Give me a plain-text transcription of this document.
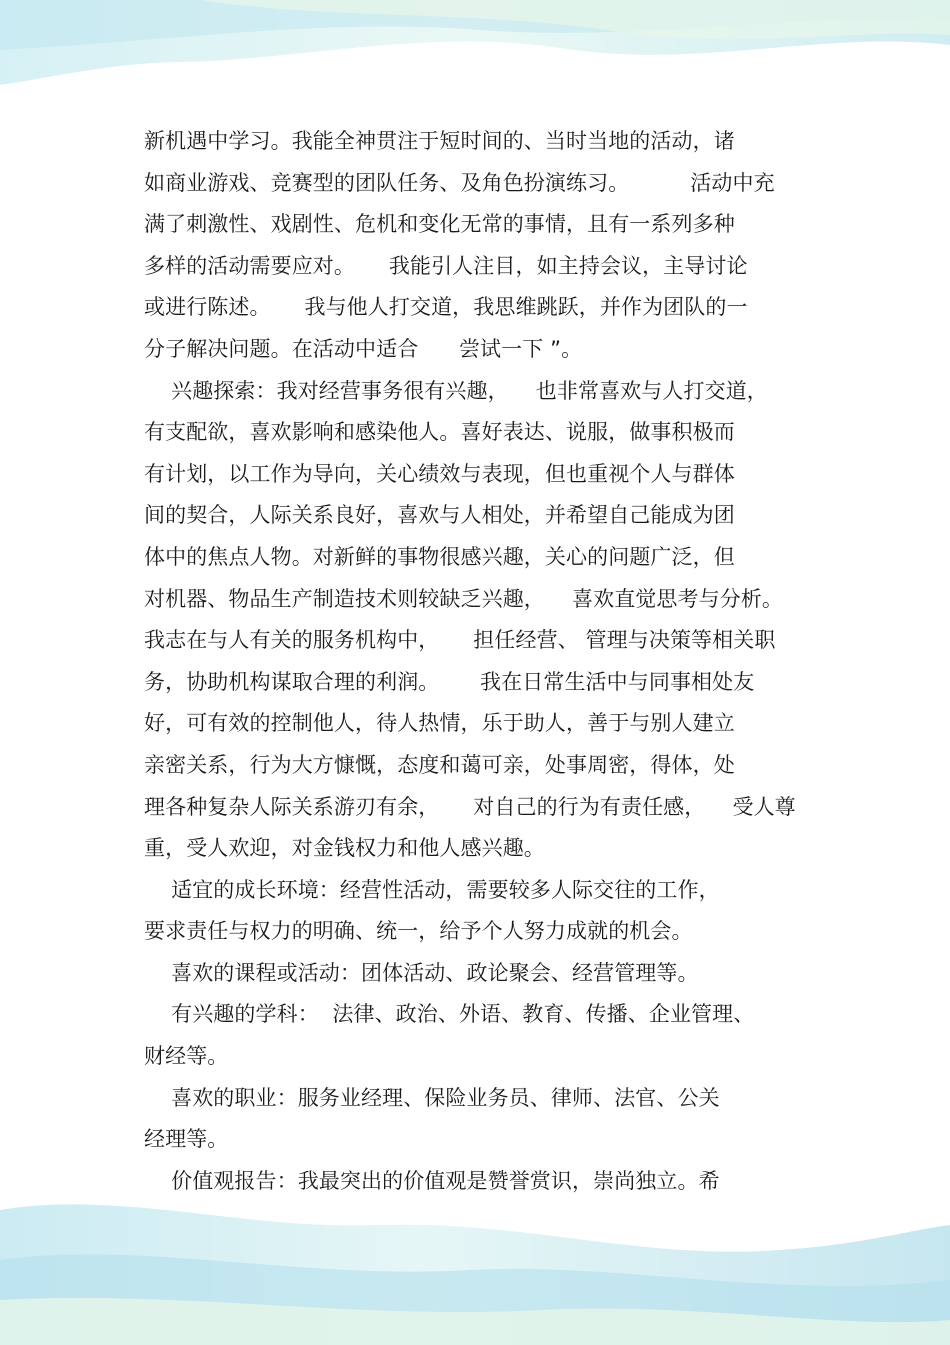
新机遇中学习。我能全神贯注于短时间的、当时当地的活动，诸
如商业游戏、竞赛型的团队任务、及角色扮演练习。         活动中充
满了刺激性、戏剧性、危机和变化无常的事情，且有一系列多种
多样的活动需要应对。     我能引人注目，如主持会议，主导讨论
或进行陈述。     我与他人打交道，我思维跳跃，并作为团队的一
分子解决问题。在活动中适合      尝试一下 ”。
兴趣探索：我对经营事务很有兴趣，    也非常喜欢与人打交道，
有支配欲，喜欢影响和感染他人。喜好表达、说服，做事积极而
有计划，以工作为导向，关心绩效与表现，但也重视个人与群体
间的契合，人际关系良好，喜欢与人相处，并希望自己能成为团
体中的焦点人物。对新鲜的事物很感兴趣，关心的问题广泛，但
对机器、物品生产制造技术则较缺乏兴趣，    喜欢直觉思考与分析。
我志在与人有关的服务机构中，     担任经营、 管理与决策等相关职
务，协助机构谋取合理的利润。      我在日常生活中与同事相处友
好，可有效的控制他人，待人热情，乐于助人，善于与别人建立
亲密关系，行为大方慷慨，态度和蔼可亲，处事周密，得体，处
理各种复杂人际关系游刃有余，     对自己的行为有责任感，    受人尊
重，受人欢迎，对金钱权力和他人感兴趣。
适宜的成长环境：经营性活动，需要较多人际交往的工作，
要求责任与权力的明确、统一，给予个人努力成就的机会。
喜欢的课程或活动：团体活动、政论聚会、经营管理等。
有兴趣的学科：  法律、政治、外语、教育、传播、企业管理、
财经等。
喜欢的职业：服务业经理、保险业务员、律师、法官、公关
经理等。
价值观报告：我最突出的价值观是赞誉赏识，崇尚独立。希
